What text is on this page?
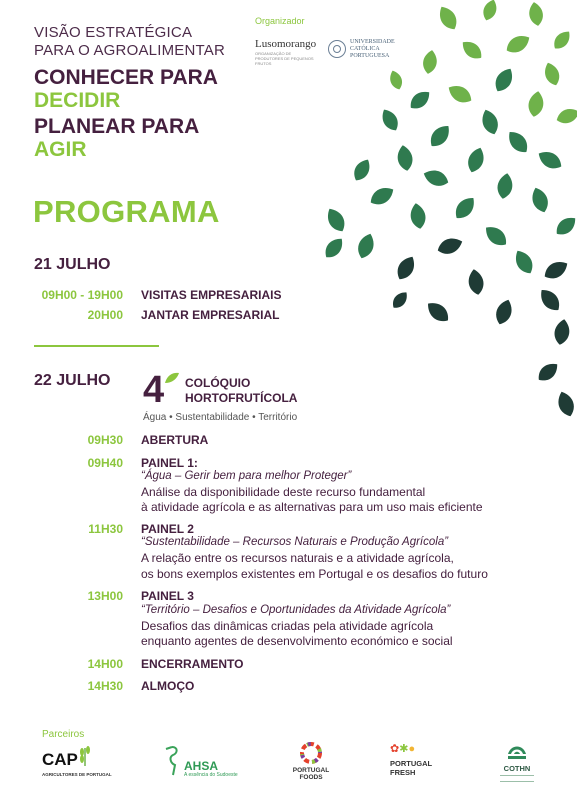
VISÃO ESTRATÉGICA
PARA O AGROALIMENTAR
CONHECER PARA
DECIDIR
PLANEAR PARA
AGIR
Organizador
Lusomorango
ORGANIZAÇÃO DE PRODUTORES DE PEQUENOS FRUTOS
UNIVERSIDADE
CATÓLICA
PORTUGUESA
PROGRAMA
21 JULHO
09H00 - 19H00 VISITAS EMPRESARIAIS
20H00 JANTAR EMPRESARIAL
22 JULHO 4 COLÓQUIO
HORTOFRUTÍCOLA
Água • Sustentabilidade • Território
09H30 ABERTURA
09H40 PAINEL 1:
“Água – Gerir bem para melhor Proteger”
Análise da disponibilidade deste recurso fundamental
à atividade agrícola e as alternativas para um uso mais eficiente
11H30 PAINEL 2
“Sustentabilidade – Recursos Naturais e Produção Agrícola”
A relação entre os recursos naturais e a atividade agrícola,
os bons exemplos existentes em Portugal e os desafios do futuro
13H00 PAINEL 3
“Território – Desafios e Oportunidades da Atividade Agrícola”
Desafios das dinâmicas criadas pela atividade agrícola
enquanto agentes de desenvolvimento económico e social
14H00 ENCERRAMENTO
14H30 ALMOÇO
Parceiros
CAP
AGRICULTORES DE PORTUGAL
AHSA
A essência do Sudoeste
PORTUGAL
FOODS
✿✱●
PORTUGAL
FRESH	COTHN
